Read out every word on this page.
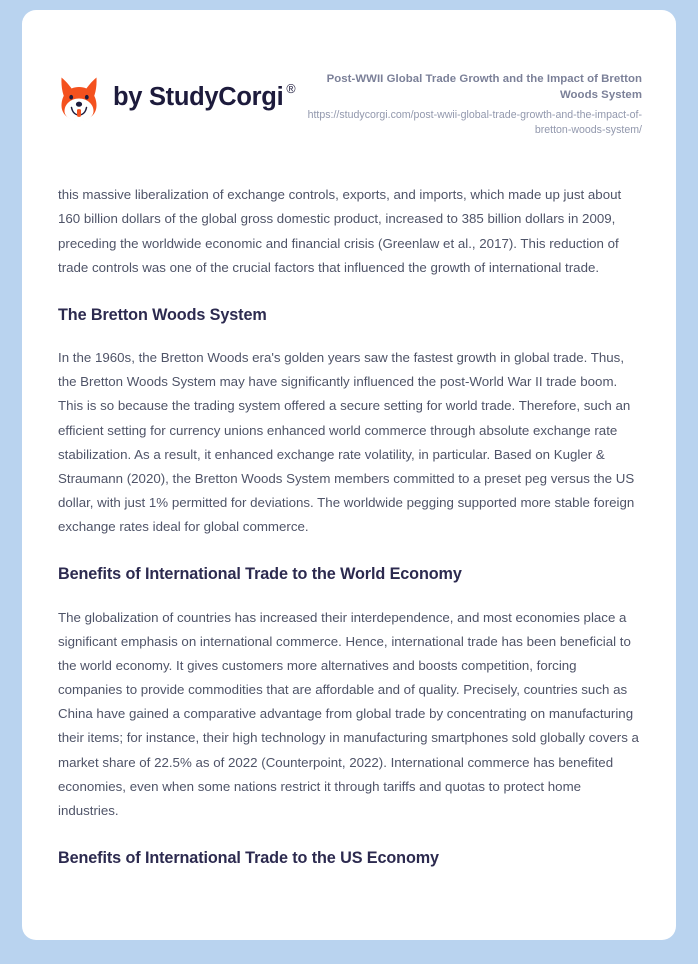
by StudyCorgi ®
Post-WWII Global Trade Growth and the Impact of Bretton Woods System
https://studycorgi.com/post-wwii-global-trade-growth-and-the-impact-of-bretton-woods-system/

this massive liberalization of exchange controls, exports, and imports, which made up just about 160 billion dollars of the global gross domestic product, increased to 385 billion dollars in 2009, preceding the worldwide economic and financial crisis (Greenlaw et al., 2017). This reduction of trade controls was one of the crucial factors that influenced the growth of international trade.

The Bretton Woods System

In the 1960s, the Bretton Woods era's golden years saw the fastest growth in global trade. Thus, the Bretton Woods System may have significantly influenced the post-World War II trade boom. This is so because the trading system offered a secure setting for world trade. Therefore, such an efficient setting for currency unions enhanced world commerce through absolute exchange rate stabilization. As a result, it enhanced exchange rate volatility, in particular. Based on Kugler & Straumann (2020), the Bretton Woods System members committed to a preset peg versus the US dollar, with just 1% permitted for deviations. The worldwide pegging supported more stable foreign exchange rates ideal for global commerce.

Benefits of International Trade to the World Economy

The globalization of countries has increased their interdependence, and most economies place a significant emphasis on international commerce. Hence, international trade has been beneficial to the world economy. It gives customers more alternatives and boosts competition, forcing companies to provide commodities that are affordable and of quality. Precisely, countries such as China have gained a comparative advantage from global trade by concentrating on manufacturing their items; for instance, their high technology in manufacturing smartphones sold globally covers a market share of 22.5% as of 2022 (Counterpoint, 2022). International commerce has benefited economies, even when some nations restrict it through tariffs and quotas to protect home industries.

Benefits of International Trade to the US Economy
